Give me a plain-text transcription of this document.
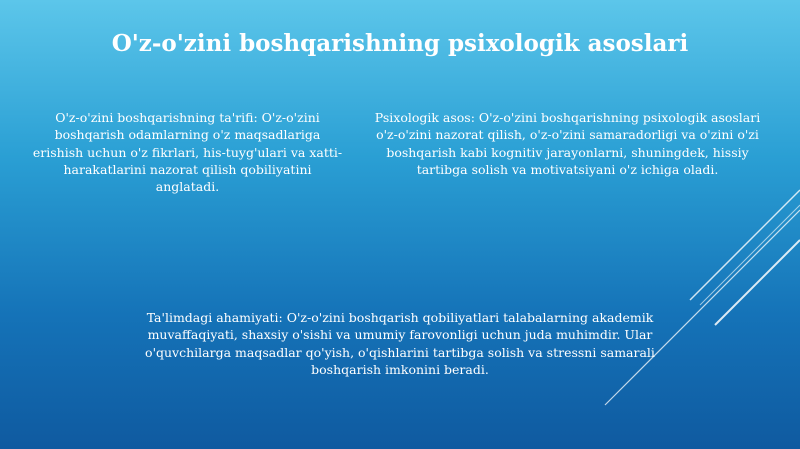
O'z-o'zini boshqarishning psixologik asoslari
O'z-o'zini boshqarishning ta'rifi: O'z-o'zini boshqarish odamlarning o'z maqsadlariga erishish uchun o'z fikrlari, his-tuyg'ulari va xatti-harakatlarini nazorat qilish qobiliyatini anglatadi.
Psixologik asos: O'z-o'zini boshqarishning psixologik asoslari o'z-o'zini nazorat qilish, o'z-o'zini samaradorligi va o'zini o'zi boshqarish kabi kognitiv jarayonlarni, shuningdek, hissiy tartibga solish va motivatsiyani o'z ichiga oladi.
Ta'limdagi ahamiyati: O'z-o'zini boshqarish qobiliyatlari talabalarning akademik muvaffaqiyati, shaxsiy o'sishi va umumiy farovonligi uchun juda muhimdir. Ular o'quvchilarga maqsadlar qo'yish, o'qishlarini tartibga solish va stressni samarali boshqarish imkonini beradi.
